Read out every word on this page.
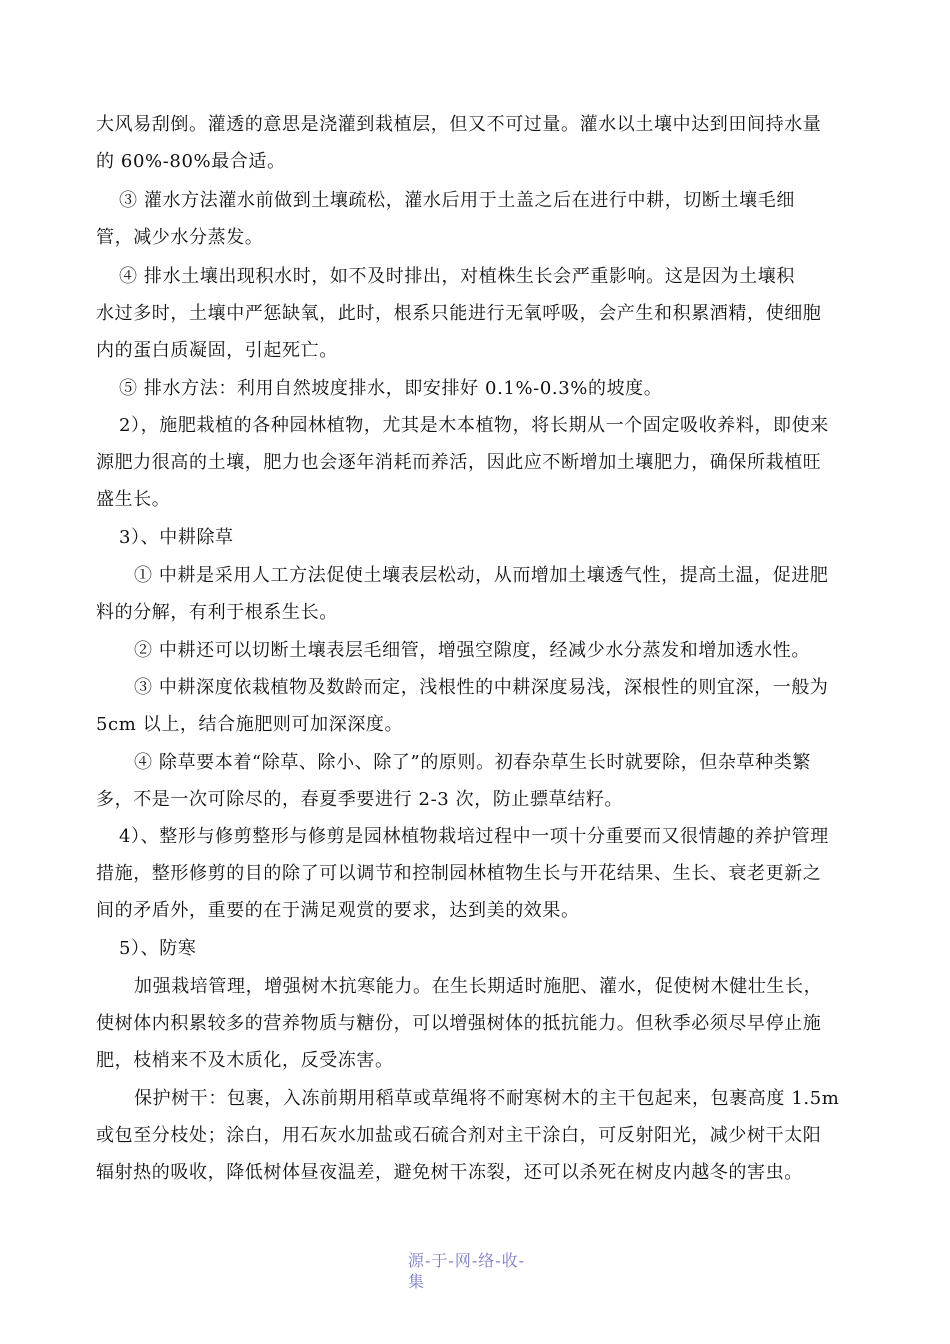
大风易刮倒。灌透的意思是浇灌到栽植层，但又不可过量。灌水以土壤中达到田间持水量
的 60%-80%最合适。
③ 灌水方法灌水前做到土壤疏松，灌水后用于土盖之后在进行中耕，切断土壤毛细
管，减少水分蒸发。
④ 排水土壤出现积水时，如不及时排出，对植株生长会严重影响。这是因为土壤积
水过多时，土壤中严惩缺氧，此时，根系只能进行无氧呼吸，会产生和积累酒精，使细胞
内的蛋白质凝固，引起死亡。
⑤ 排水方法：利用自然坡度排水，即安排好 0.1%-0.3%的坡度。
2），施肥栽植的各种园林植物，尤其是木本植物，将长期从一个固定吸收养料，即使来
源肥力很高的土壤，肥力也会逐年消耗而养活，因此应不断增加土壤肥力，确保所栽植旺
盛生长。
3）、中耕除草
① 中耕是采用人工方法促使土壤表层松动，从而增加土壤透气性，提高土温，促进肥
料的分解，有利于根系生长。
② 中耕还可以切断土壤表层毛细管，增强空隙度，经减少水分蒸发和增加透水性。
③ 中耕深度依栽植物及数龄而定，浅根性的中耕深度易浅，深根性的则宜深，一般为
5cm 以上，结合施肥则可加深深度。
④ 除草要本着“除草、除小、除了”的原则。初春杂草生长时就要除，但杂草种类繁
多，不是一次可除尽的，春夏季要进行 2-3 次，防止骠草结籽。
4）、整形与修剪整形与修剪是园林植物栽培过程中一项十分重要而又很情趣的养护管理
措施，整形修剪的目的除了可以调节和控制园林植物生长与开花结果、生长、衰老更新之
间的矛盾外，重要的在于满足观赏的要求，达到美的效果。
5）、防寒
加强栽培管理，增强树木抗寒能力。在生长期适时施肥、灌水，促使树木健壮生长，
使树体内积累较多的营养物质与糖份，可以增强树体的抵抗能力。但秋季必须尽早停止施
肥，枝梢来不及木质化，反受冻害。
保护树干：包裹，入冻前期用稻草或草绳将不耐寒树木的主干包起来，包裹高度 1.5m
或包至分枝处；涂白，用石灰水加盐或石硫合剂对主干涂白，可反射阳光，减少树干太阳
辐射热的吸收，降低树体昼夜温差，避免树干冻裂，还可以杀死在树皮内越冬的害虫。
源-于-网-络-收-
集
